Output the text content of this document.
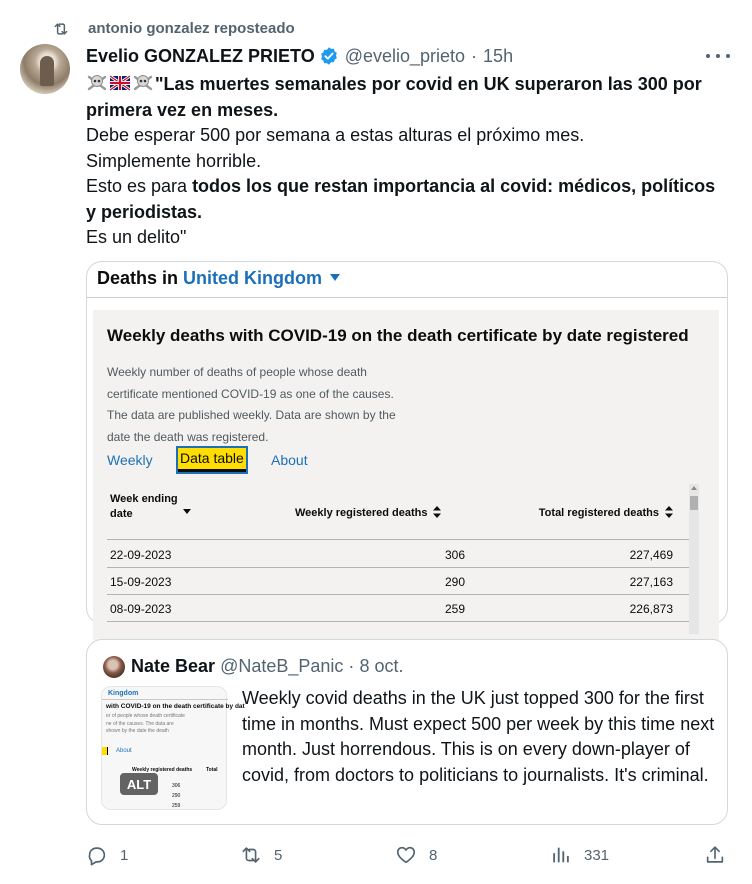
antonio gonzalez reposteado
Evelio GONZALEZ PRIETO @evelio_prieto · 15h
"Las muertes semanales por covid en UK superaron las 300 por primera vez en meses.
Debe esperar 500 por semana a estas alturas el próximo mes.
Simplemente horrible.
Esto es para todos los que restan importancia al covid: médicos, políticos y periodistas.
Es un delito"
Deaths in United Kingdom
Weekly deaths with COVID-19 on the death certificate by date registered
Weekly number of deaths of people whose death certificate mentioned COVID-19 as one of the causes. The data are published weekly. Data are shown by the date the death was registered.
Weekly Data table About
Week ending date	Weekly registered deaths	Total registered deaths
22-09-2023	306	227,469
15-09-2023	290	227,163
08-09-2023	259	226,873
Nate Bear @NateB_Panic · 8 oct.
Kingdom
with COVID-19 on the death certificate by dat
er of people whose death certificate
ne of the causes. The data are
shown by the date the death
About
Weekly registered deaths	Total
306
290
259
ALT
Weekly covid deaths in the UK just topped 300 for the first time in months. Must expect 500 per week by this time next month. Just horrendous. This is on every down-player of covid, from doctors to politicians to journalists. It's criminal.
1	5	8	331
